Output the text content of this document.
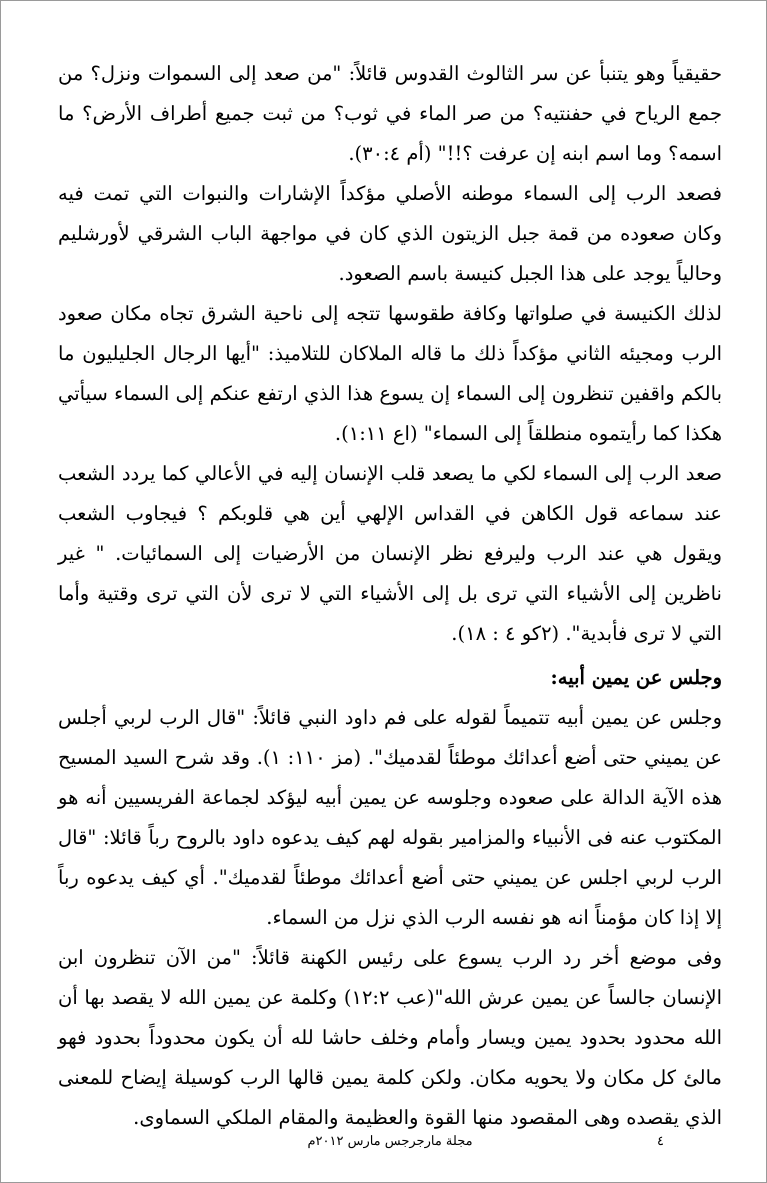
حقيقياً وهو يتنبأ عن سر الثالوث القدوس قائلاً: "من صعد إلى السموات ونزل؟ من جمع الرياح في حفنتيه؟ من صر الماء في ثوب؟ من ثبت جميع أطراف الأرض؟ ما اسمه؟ وما اسم ابنه إن عرفت ؟!!" (أم ٣٠:٤).

فصعد الرب إلى السماء موطنه الأصلي مؤكداً الإشارات والنبوات التي تمت فيه وكان صعوده من قمة جبل الزيتون الذي كان في مواجهة الباب الشرقي لأورشليم وحالياً يوجد على هذا الجبل كنيسة باسم الصعود.

لذلك الكنيسة في صلواتها وكافة طقوسها تتجه إلى ناحية الشرق تجاه مكان صعود الرب ومجيئه الثاني مؤكداً ذلك ما قاله الملاكان للتلاميذ: "أيها الرجال الجليليون ما بالكم واقفين تنظرون إلى السماء إن يسوع هذا الذي ارتفع عنكم إلى السماء سيأتي هكذا كما رأيتموه منطلقاً إلى السماء" (اع ١:١١).

صعد الرب إلى السماء لكي ما يصعد قلب الإنسان إليه في الأعالي كما يردد الشعب عند سماعه قول الكاهن في القداس الإلهي أين هي قلوبكم ؟ فيجاوب الشعب ويقول هي عند الرب وليرفع نظر الإنسان من الأرضيات إلى السمائيات. " غير ناظرين إلى الأشياء التي ترى بل إلى الأشياء التي لا ترى لأن التي ترى وقتية وأما التي لا ترى فأبدية". (٢كو ٤ : ١٨).

وجلس عن يمين أبيه:

وجلس عن يمين أبيه تتميماً لقوله على فم داود النبي قائلاً: "قال الرب لربي أجلس عن يميني حتى أضع أعدائك موطئاً لقدميك". (مز ١١٠: ١). وقد شرح السيد المسيح هذه الآية الدالة على صعوده وجلوسه عن يمين أبيه ليؤكد لجماعة الفريسيين أنه هو المكتوب عنه فى الأنبياء والمزامير بقوله لهم كيف يدعوه داود بالروح رباً قائلا: "قال الرب لربي اجلس عن يميني حتى أضع أعدائك موطئاً لقدميك". أي كيف يدعوه رباً إلا إذا كان مؤمناً انه هو نفسه الرب الذي نزل من السماء.

وفى موضع أخر رد الرب يسوع على رئيس الكهنة قائلاً: "من الآن تنظرون ابن الإنسان جالساً عن يمين عرش الله"(عب ١٢:٢) وكلمة عن يمين الله لا يقصد بها أن الله محدود بحدود يمين ويسار وأمام وخلف حاشا لله أن يكون محدوداً بحدود فهو مالئ كل مكان ولا يحويه مكان. ولكن كلمة يمين قالها الرب كوسيلة إيضاح للمعنى الذي يقصده وهى المقصود منها القوة والعظيمة والمقام الملكي السماوى.

٤
مجلة مارجرجس مارس ٢٠١٢م
